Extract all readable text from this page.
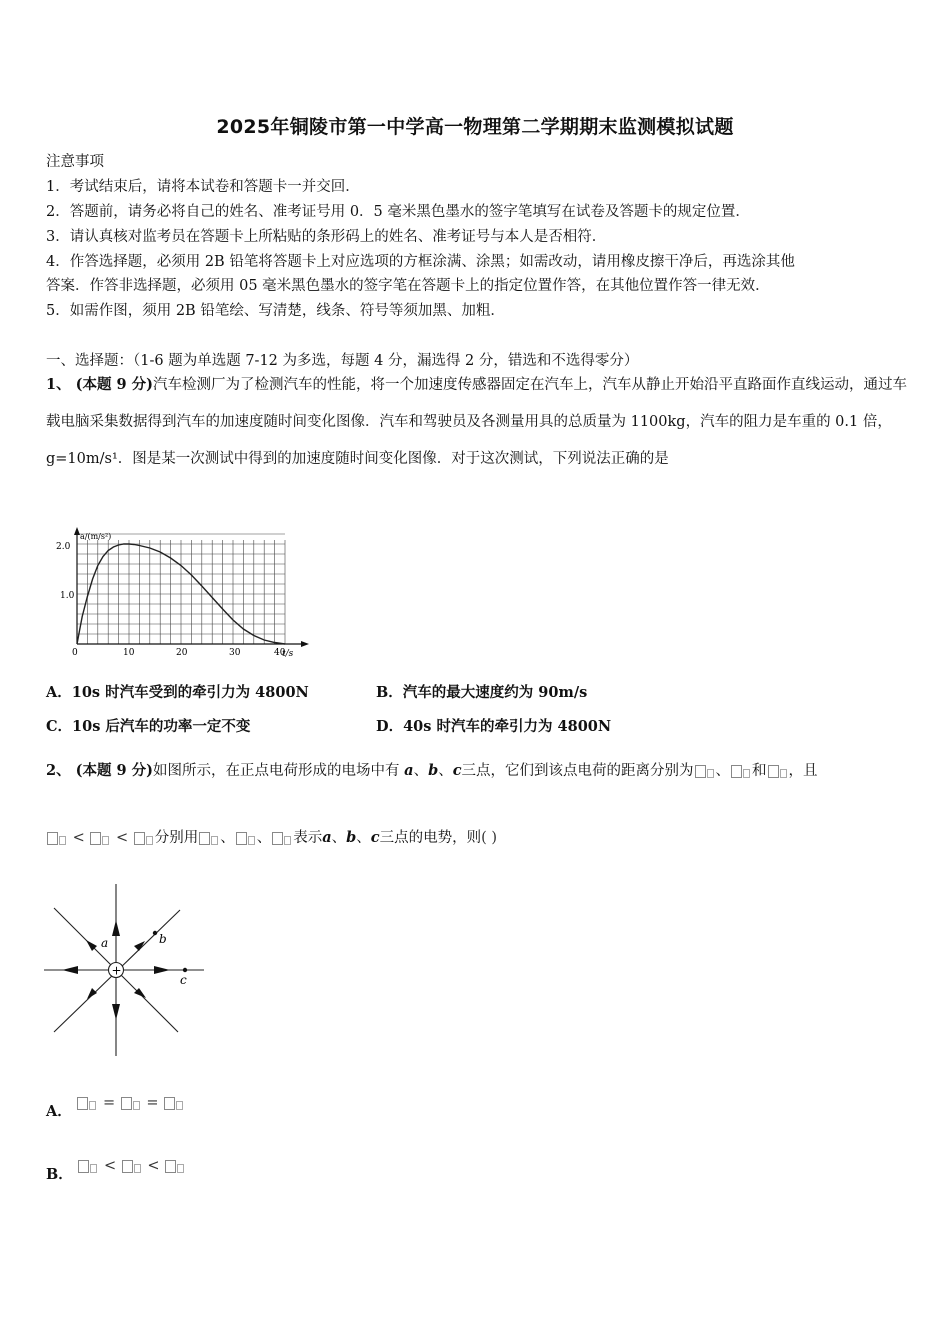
2025年铜陵市第一中学高一物理第二学期期末监测模拟试题
注意事项
1．考试结束后，请将本试卷和答题卡一并交回．
2．答题前，请务必将自己的姓名、准考证号用 0．5 毫米黑色墨水的签字笔填写在试卷及答题卡的规定位置．
3．请认真核对监考员在答题卡上所粘贴的条形码上的姓名、准考证号与本人是否相符．
4．作答选择题，必须用 2B 铅笔将答题卡上对应选项的方框涂满、涂黑；如需改动，请用橡皮擦干净后，再选涂其他
答案．作答非选择题，必须用 05 毫米黑色墨水的签字笔在答题卡上的指定位置作答，在其他位置作答一律无效．
5．如需作图，须用 2B 铅笔绘、写清楚，线条、符号等须加黑、加粗．
一、选择题：（1-6 题为单选题 7-12 为多选，每题 4 分，漏选得 2 分，错选和不选得零分）
1、 (本题 9 分)汽车检测厂为了检测汽车的性能，将一个加速度传感器固定在汽车上，汽车从静止开始沿平直路面作直线运动，通过车载电脑采集数据得到汽车的加速度随时间变化图像．汽车和驾驶员及各测量用具的总质量为 1100kg，汽车的阻力是车重的 0.1 倍，g=10m/s¹．图是某一次测试中得到的加速度随时间变化图像．对于这次测试，下列说法正确的是
a/(m/s²)
t/s
2.0
1.0
0	10	20	30	40
A．10s 时汽车受到的牵引力为 4800N	B．汽车的最大速度约为 90m/s
C．10s 后汽车的功率一定不变	D．40s 时汽车的牵引力为 4800N
2、 (本题 9 分)如图所示，在正点电荷形成的电场中有 a、b、c三点，它们到该点电荷的距离分别为 、 和 ，且
< < 分别用 、 、 表示a、b、c三点的电势，则( )
+
a	b
c
A． = =
B． < <
